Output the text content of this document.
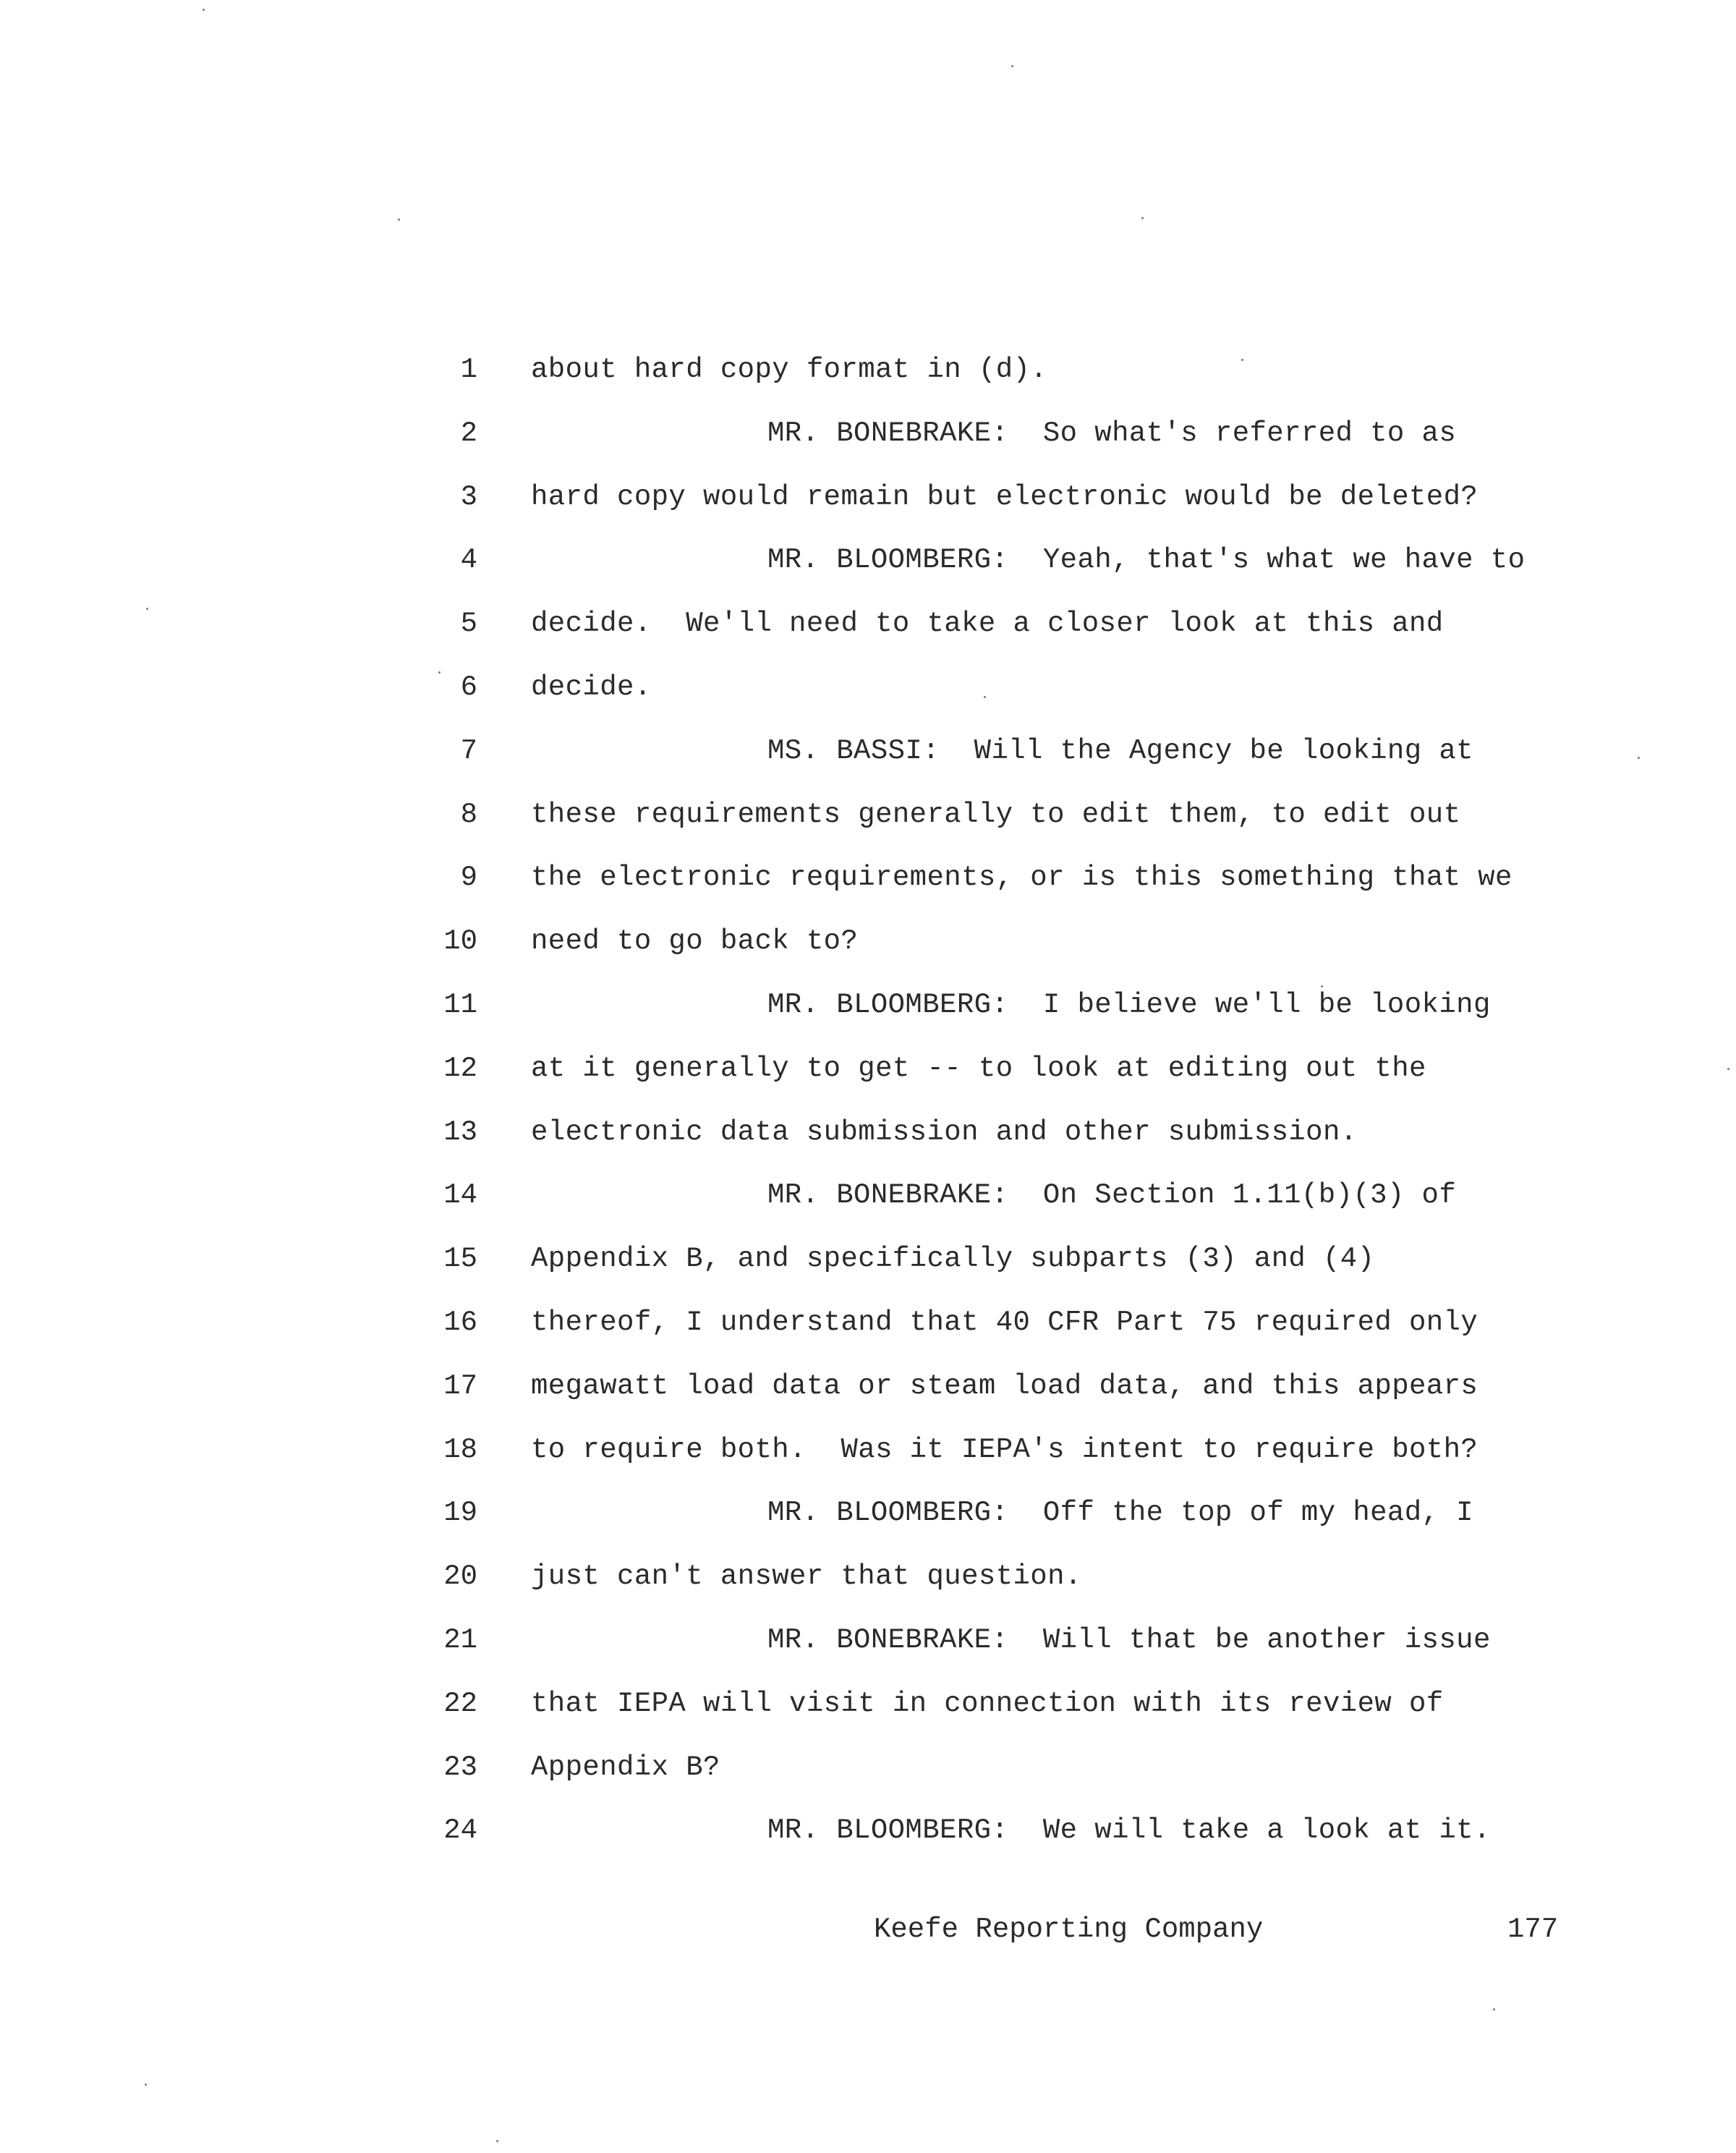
1 about hard copy format in (d).
2	MR. BONEBRAKE:  So what's referred to as
3 hard copy would remain but electronic would be deleted?
4	MR. BLOOMBERG:  Yeah, that's what we have to
5 decide.  We'll need to take a closer look at this and
6 decide.
7	MS. BASSI:  Will the Agency be looking at
8 these requirements generally to edit them, to edit out
9 the electronic requirements, or is this something that we
10 need to go back to?
11	MR. BLOOMBERG:  I believe we'll be looking
12 at it generally to get -- to look at editing out the
13 electronic data submission and other submission.
14	MR. BONEBRAKE:  On Section 1.11(b)(3) of
15 Appendix B, and specifically subparts (3) and (4)
16 thereof, I understand that 40 CFR Part 75 required only
17 megawatt load data or steam load data, and this appears
18 to require both.  Was it IEPA's intent to require both?
19	MR. BLOOMBERG:  Off the top of my head, I
20 just can't answer that question.
21	MR. BONEBRAKE:  Will that be another issue
22 that IEPA will visit in connection with its review of
23 Appendix B?
24	MR. BLOOMBERG:  We will take a look at it.
Keefe Reporting Company	177
